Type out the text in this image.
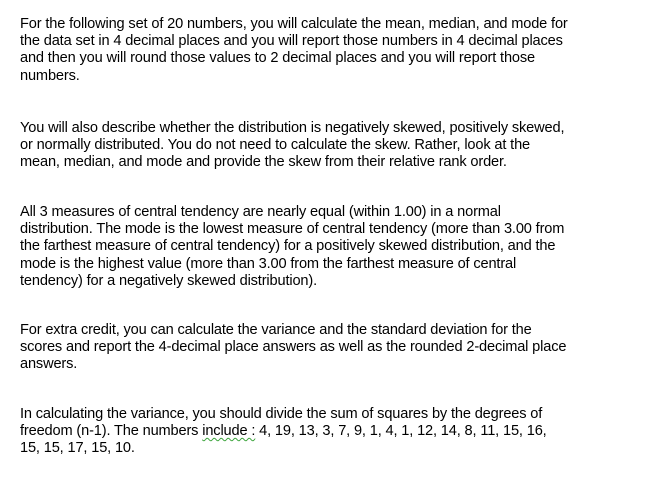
For the following set of 20 numbers, you will calculate the mean, median, and mode for
the data set in 4 decimal places and you will report those numbers in 4 decimal places
and then you will round those values to 2 decimal places and you will report those
numbers.

You will also describe whether the distribution is negatively skewed, positively skewed,
or normally distributed. You do not need to calculate the skew. Rather, look at the
mean, median, and mode and provide the skew from their relative rank order.

All 3 measures of central tendency are nearly equal (within 1.00) in a normal
distribution. The mode is the lowest measure of central tendency (more than 3.00 from
the farthest measure of central tendency) for a positively skewed distribution, and the
mode is the highest value (more than 3.00 from the farthest measure of central
tendency) for a negatively skewed distribution).

For extra credit, you can calculate the variance and the standard deviation for the
scores and report the 4-decimal place answers as well as the rounded 2-decimal place
answers.

In calculating the variance, you should divide the sum of squares by the degrees of
freedom (n-1). The numbers include : 4, 19, 13, 3, 7, 9, 1, 4, 1, 12, 14, 8, 11, 15, 16,
15, 15, 17, 15, 10.
